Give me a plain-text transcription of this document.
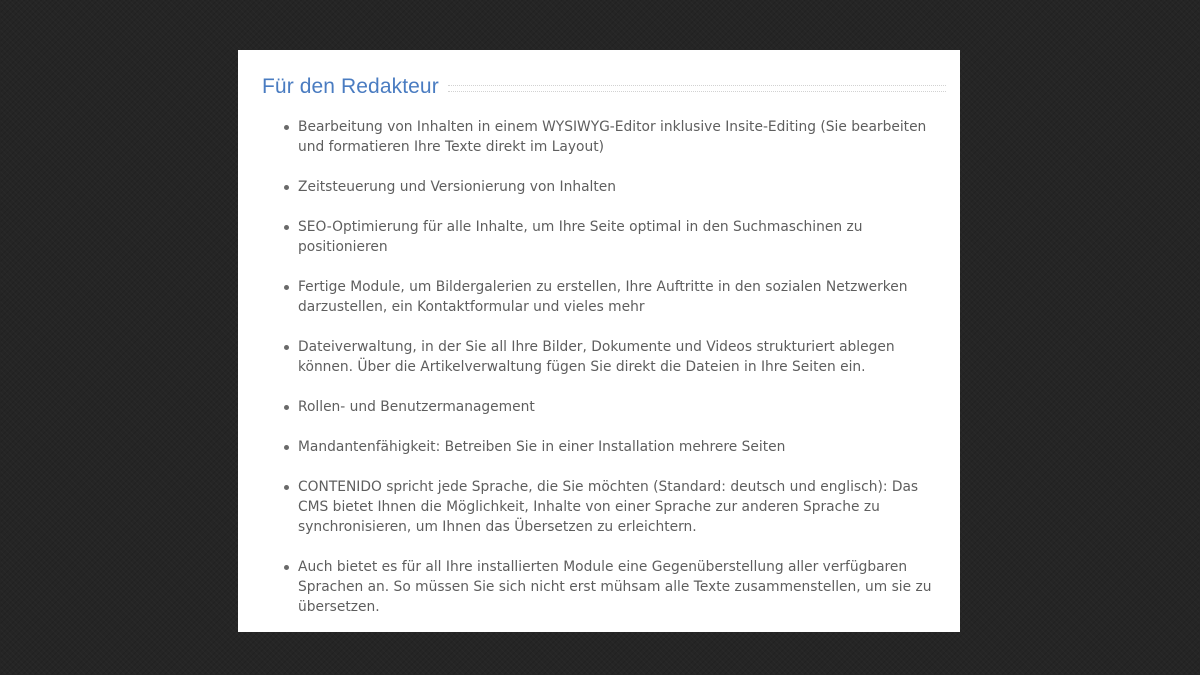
Für den Redakteur
Bearbeitung von Inhalten in einem WYSIWYG-Editor inklusive Insite-Editing (Sie bearbeiten und formatieren Ihre Texte direkt im Layout)
Zeitsteuerung und Versionierung von Inhalten
SEO-Optimierung für alle Inhalte, um Ihre Seite optimal in den Suchmaschinen zu positionieren
Fertige Module, um Bildergalerien zu erstellen, Ihre Auftritte in den sozialen Netzwerken darzustellen, ein Kontaktformular und vieles mehr
Dateiverwaltung, in der Sie all Ihre Bilder, Dokumente und Videos strukturiert ablegen können. Über die Artikelverwaltung fügen Sie direkt die Dateien in Ihre Seiten ein.
Rollen- und Benutzermanagement
Mandantenfähigkeit: Betreiben Sie in einer Installation mehrere Seiten
CONTENIDO spricht jede Sprache, die Sie möchten (Standard: deutsch und englisch): Das CMS bietet Ihnen die Möglichkeit, Inhalte von einer Sprache zur anderen Sprache zu synchronisieren, um Ihnen das Übersetzen zu erleichtern.
Auch bietet es für all Ihre installierten Module eine Gegenüberstellung aller verfügbaren Sprachen an. So müssen Sie sich nicht erst mühsam alle Texte zusammenstellen, um sie zu übersetzen.
